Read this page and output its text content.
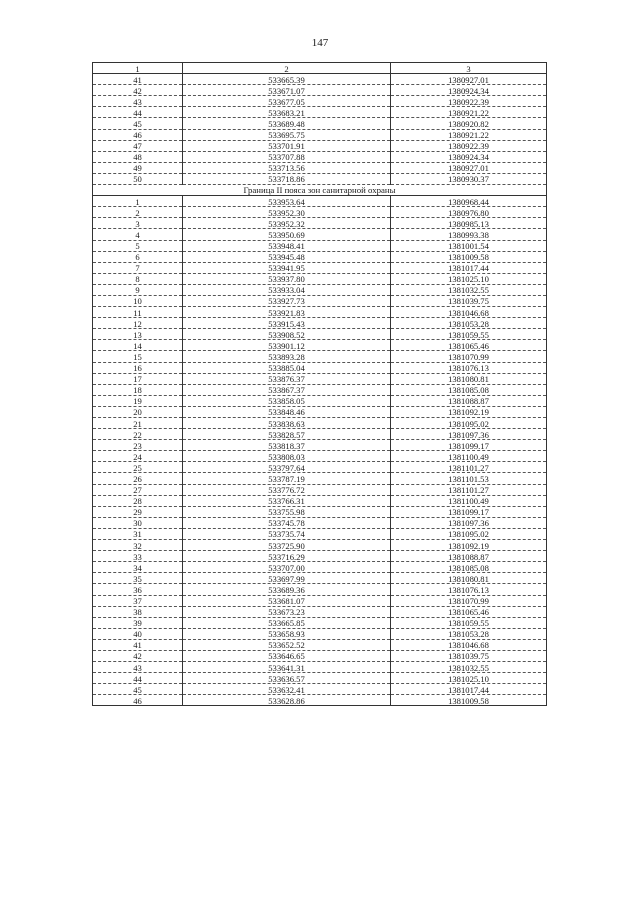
147
1	2	3
41	533665.39	1380927.01
42	533671.07	1380924.34
43	533677.05	1380922.39
44	533683.21	1380921.22
45	533689.48	1380920.82
46	533695.75	1380921.22
47	533701.91	1380922.39
48	533707.88	1380924.34
49	533713.56	1380927.01
50	533718.86	1380930.37
Граница II пояса зон санитарной охраны		
1	533953.64	1380968.44
2	533952.30	1380976.80
3	533952.32	1380985.13
4	533950.69	1380993.38
5	533948.41	1381001.54
6	533945.48	1381009.58
7	533941.95	1381017.44
8	533937.80	1381025.10
9	533933.04	1381032.55
10	533927.73	1381039.75
11	533921.83	1381046.68
12	533915.43	1381053.28
13	533908.52	1381059.55
14	533901.12	1381065.46
15	533893.28	1381070.99
16	533885.04	1381076.13
17	533876.37	1381080.81
18	533867.37	1381085.08
19	533858.05	1381088.87
20	533848.46	1381092.19
21	533838.63	1381095.02
22	533828.57	1381097.36
23	533818.37	1381099.17
24	533808.03	1381100.49
25	533797.64	1381101.27
26	533787.19	1381101.53
27	533776.72	1381101.27
28	533766.31	1381100.49
29	533755.98	1381099.17
30	533745.78	1381097.36
31	533735.74	1381095.02
32	533725.90	1381092.19
33	533716.29	1381088.87
34	533707.00	1381085.08
35	533697.99	1381080.81
36	533689.36	1381076.13
37	533681.07	1381070.99
38	533673.23	1381065.46
39	533665.85	1381059.55
40	533658.93	1381053.28
41	533652.52	1381046.68
42	533646.65	1381039.75
43	533641.31	1381032.55
44	533636.57	1381025.10
45	533632.41	1381017.44
46	533628.86	1381009.58
